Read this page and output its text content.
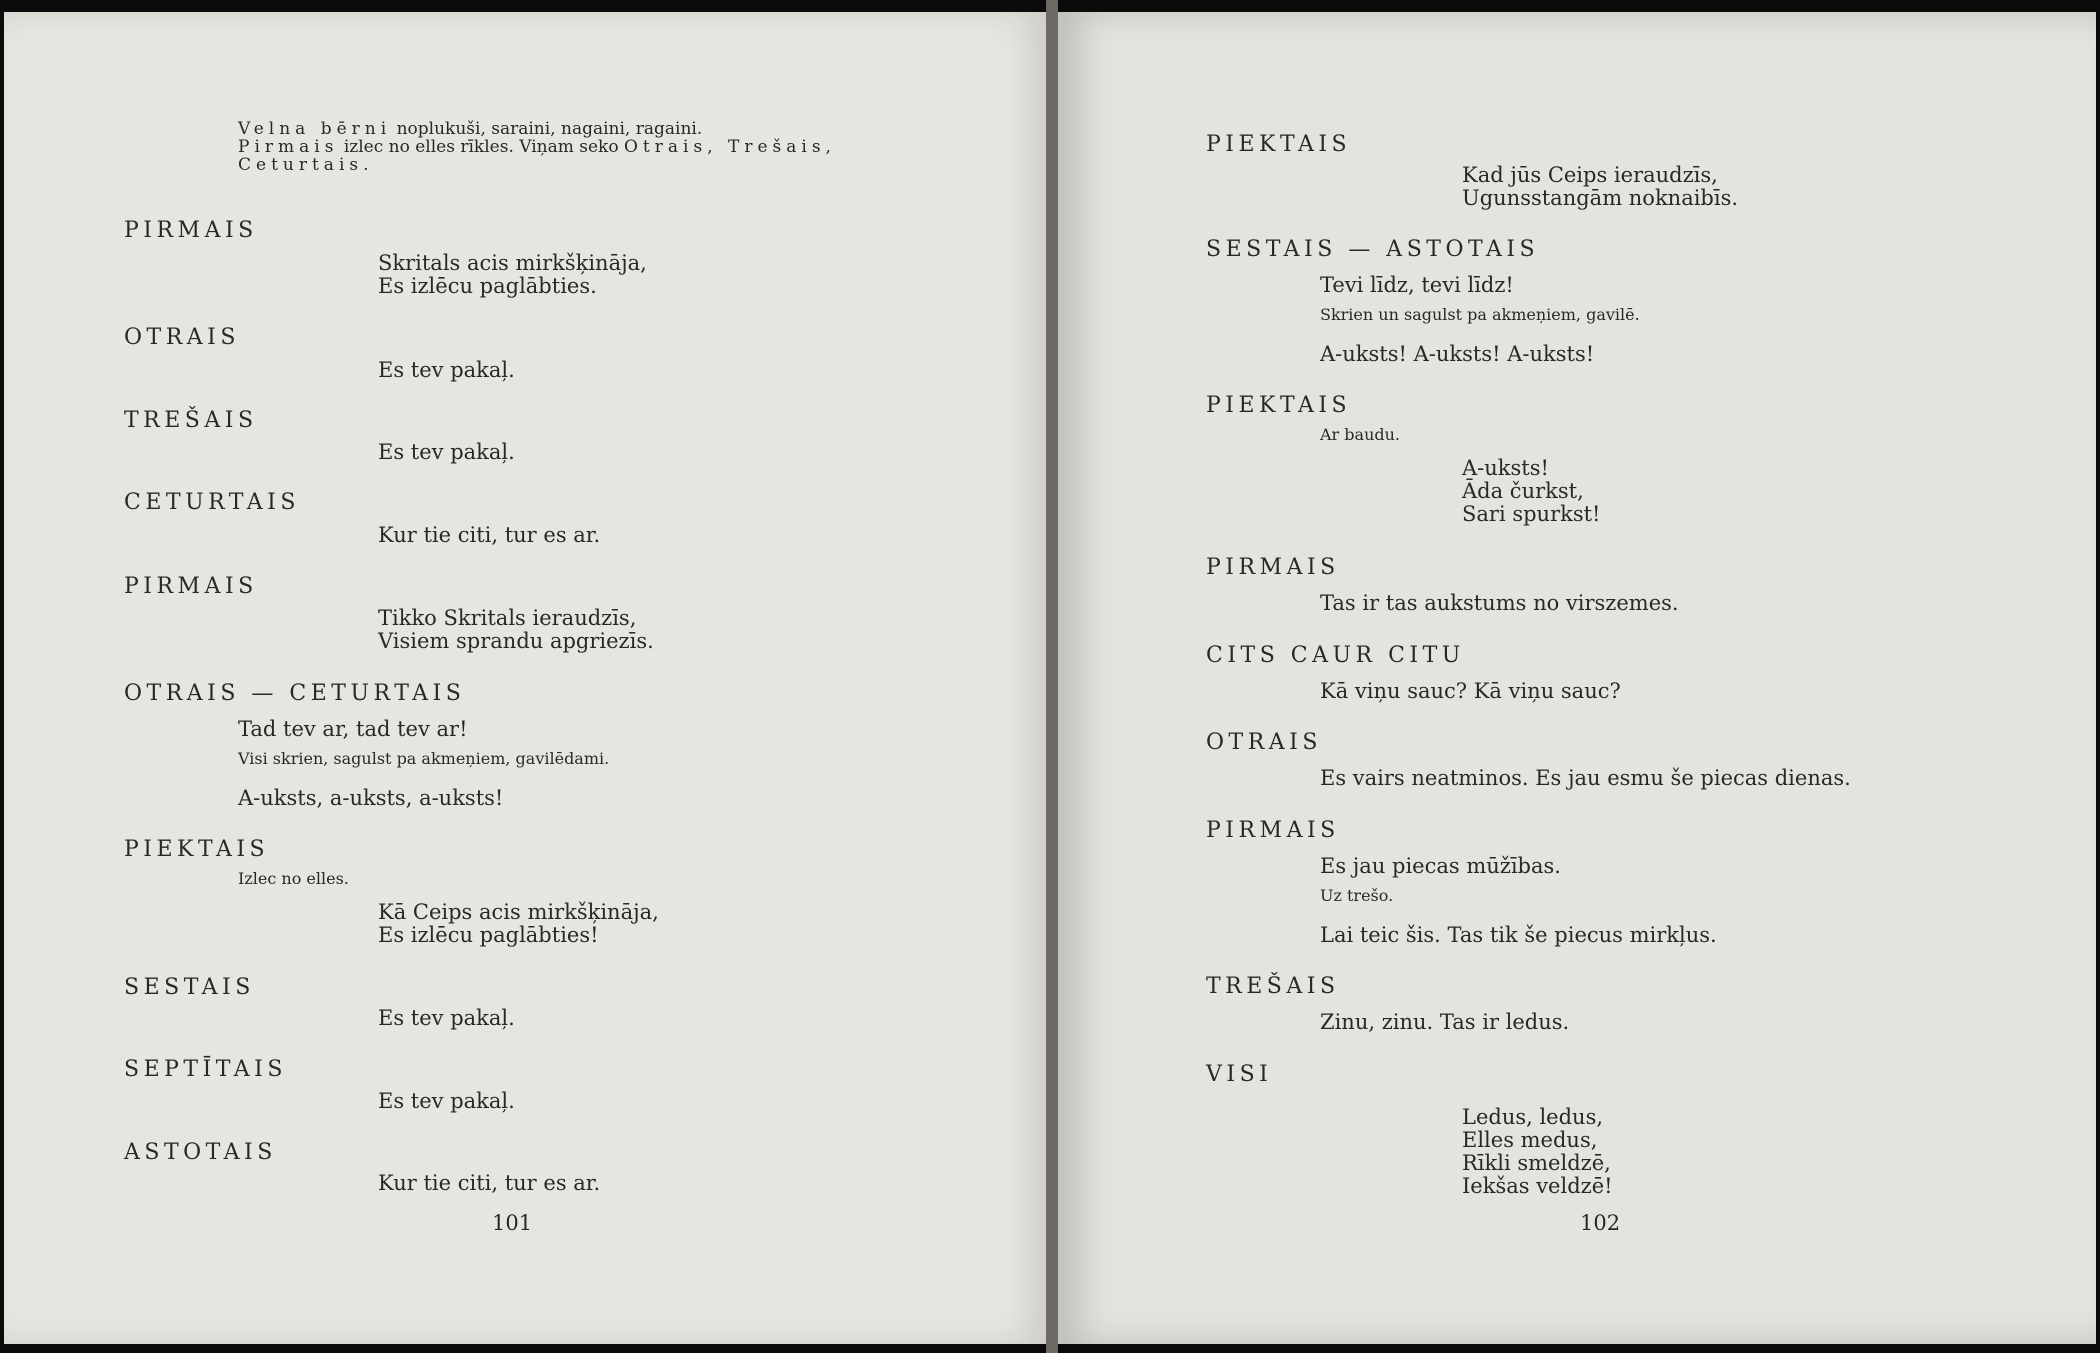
Velna bērni noplukuši, saraini, nagaini, ragaini.
Pirmais izlec no elles rīkles. Viņam seko Otrais, Trešais,
Ceturtais.
PIRMAIS
Skritals acis mirkšķināja,
Es izlēcu paglābties.
OTRAIS
Es tev pakaļ.
TREŠAIS
Es tev pakaļ.
CETURTAIS
Kur tie citi, tur es ar.
PIRMAIS
Tikko Skritals ieraudzīs,
Visiem sprandu apgriezīs.
OTRAIS — CETURTAIS
Tad tev ar, tad tev ar!
Visi skrien, sagulst pa akmeņiem, gavilēdami.
A-uksts, a-uksts, a-uksts!
PIEKTAIS
Izlec no elles.
Kā Ceips acis mirkšķināja,
Es izlēcu paglābties!
SESTAIS
Es tev pakaļ.
SEPTĪTAIS
Es tev pakaļ.
ASTOTAIS
Kur tie citi, tur es ar.
101
PIEKTAIS
Kad jūs Ceips ieraudzīs,
Ugunsstangām noknaibīs.
SESTAIS — ASTOTAIS
Tevi līdz, tevi līdz!
Skrien un sagulst pa akmeņiem, gavilē.
A-uksts! A-uksts! A-uksts!
PIEKTAIS
Ar baudu.
A-uksts!
Āda čurkst,
Sari spurkst!
PIRMAIS
Tas ir tas aukstums no virszemes.
CITS CAUR CITU
Kā viņu sauc? Kā viņu sauc?
OTRAIS
Es vairs neatminos. Es jau esmu še piecas dienas.
PIRMAIS
Es jau piecas mūžības.
Uz trešo.
Lai teic šis. Tas tik še piecus mirkļus.
TREŠAIS
Zinu, zinu. Tas ir ledus.
VISI
Ledus, ledus,
Elles medus,
Rīkli smeldzē,
Iekšas veldzē!
102
